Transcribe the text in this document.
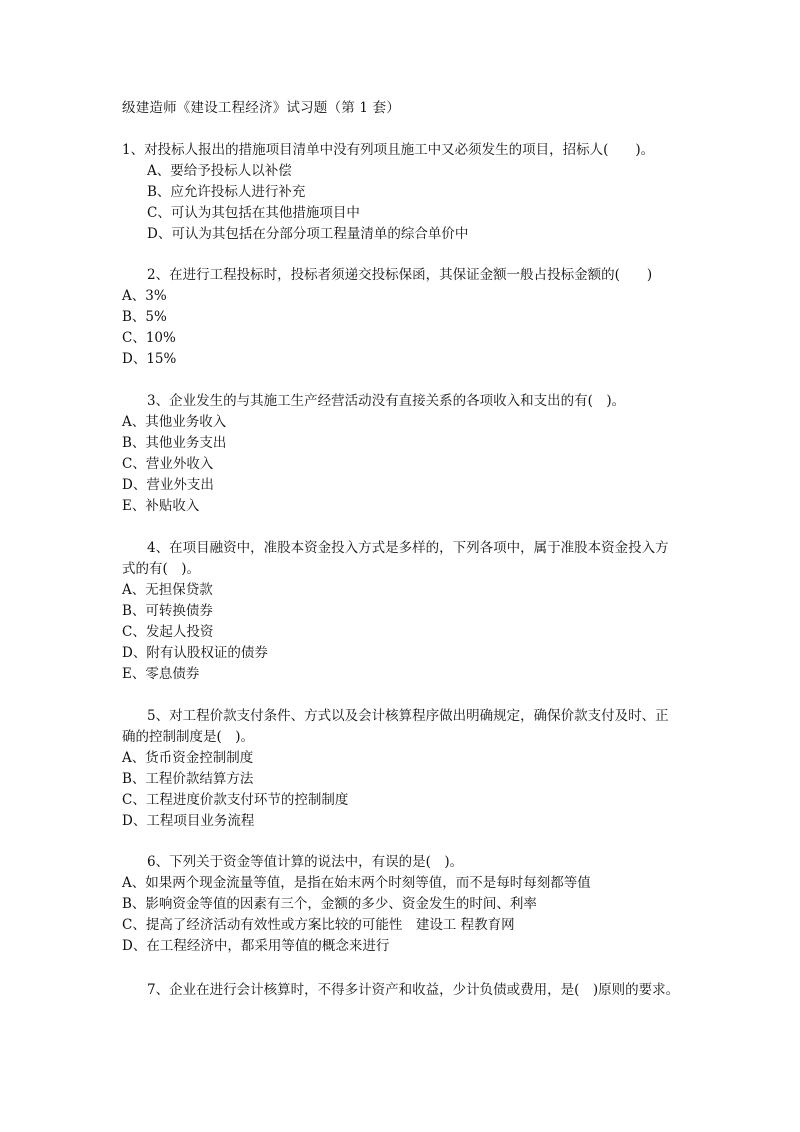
级建造师《建设工程经济》试习题（第 1 套）

1、对投标人报出的措施项目清单中没有列项且施工中又必须发生的项目，招标人(　　)。

A、要给予投标人以补偿
B、应允许投标人进行补充
C、可认为其包括在其他措施项目中
D、可认为其包括在分部分项工程量清单的综合单价中

2、在进行工程投标时，投标者须递交投标保函，其保证金额一般占投标金额的(　　)

A、3%
B、5%
C、10%
D、15%

3、企业发生的与其施工生产经营活动没有直接关系的各项收入和支出的有(　)。

A、其他业务收入
B、其他业务支出
C、营业外收入
D、营业外支出
E、补贴收入

4、在项目融资中，准股本资金投入方式是多样的，下列各项中，属于准股本资金投入方式的有(　)。

A、无担保贷款
B、可转换债券
C、发起人投资
D、附有认股权证的债券
E、零息债券

5、对工程价款支付条件、方式以及会计核算程序做出明确规定，确保价款支付及时、正确的控制制度是(　)。

A、货币资金控制制度
B、工程价款结算方法
C、工程进度价款支付环节的控制制度
D、工程项目业务流程

6、下列关于资金等值计算的说法中，有误的是(　)。

A、如果两个现金流量等值，是指在始末两个时刻等值，而不是每时每刻都等值
B、影响资金等值的因素有三个，金额的多少、资金发生的时间、利率
C、提高了经济活动有效性或方案比较的可能性　建设工 程教育网
D、在工程经济中，都采用等值的概念来进行

7、企业在进行会计核算时，不得多计资产和收益，少计负债或费用，是(　)原则的要求。
